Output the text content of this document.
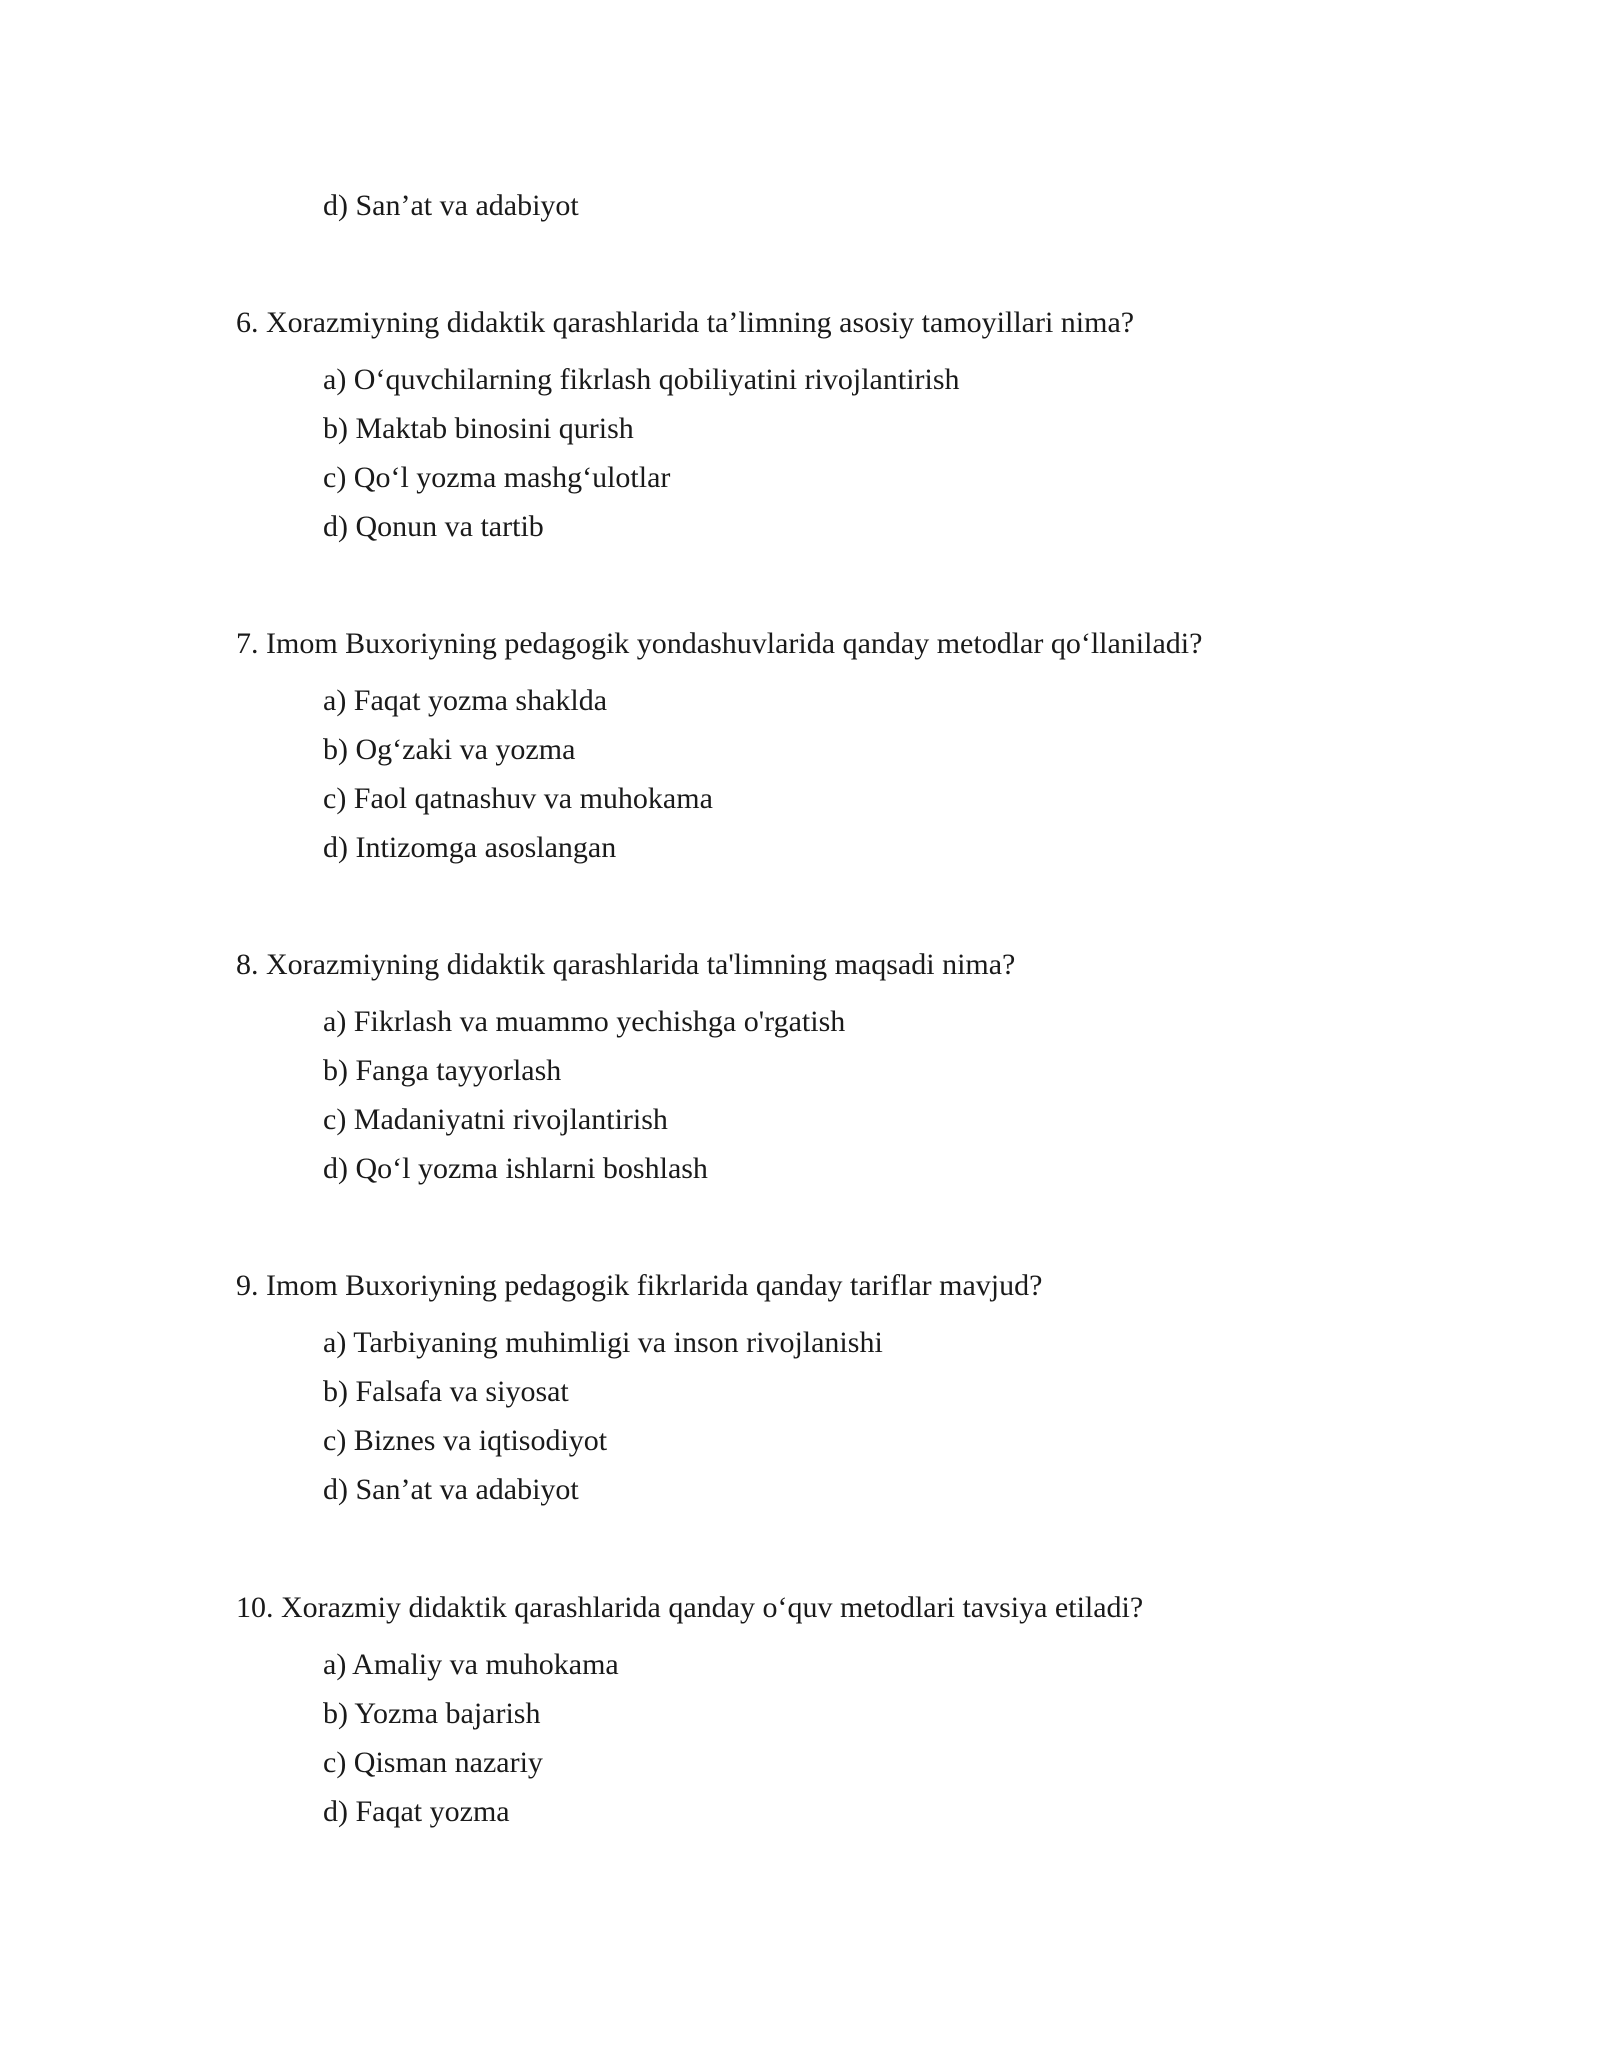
d) San’at va adabiyot

6. Xorazmiyning didaktik qarashlarida ta’limning asosiy tamoyillari nima?

a) O‘quvchilarning fikrlash qobiliyatini rivojlantirish

b) Maktab binosini qurish

c) Qo‘l yozma mashg‘ulotlar

d) Qonun va tartib

7. Imom Buxoriyning pedagogik yondashuvlarida qanday metodlar qo‘llaniladi?

a) Faqat yozma shaklda

b) Og‘zaki va yozma

c) Faol qatnashuv va muhokama

d) Intizomga asoslangan

8. Xorazmiyning didaktik qarashlarida ta'limning maqsadi nima?

a) Fikrlash va muammo yechishga o'rgatish

b) Fanga tayyorlash

c) Madaniyatni rivojlantirish

d) Qo‘l yozma ishlarni boshlash

9. Imom Buxoriyning pedagogik fikrlarida qanday tariflar mavjud?

a) Tarbiyaning muhimligi va inson rivojlanishi

b) Falsafa va siyosat

c) Biznes va iqtisodiyot

d) San’at va adabiyot

10. Xorazmiy didaktik qarashlarida qanday o‘quv metodlari tavsiya etiladi?

a) Amaliy va muhokama

b) Yozma bajarish

c) Qisman nazariy

d) Faqat yozma
